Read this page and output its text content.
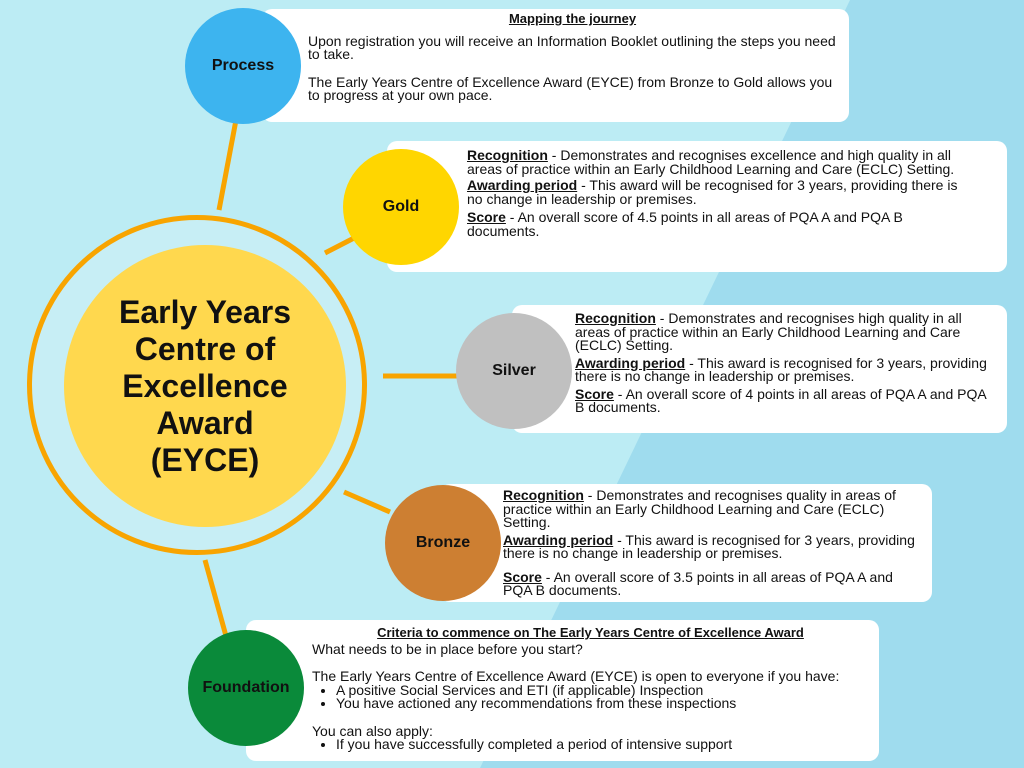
Early Years
Centre of
Excellence
Award
(EYCE)

Mapping the journey

Upon registration you will receive an Information Booklet outlining the steps you need to take.

The Early Years Centre of Excellence Award (EYCE) from Bronze to Gold allows you to progress at your own pace.

Process

Recognition - Demonstrates and recognises excellence and high quality in all areas of practice within an Early Childhood Learning and Care (ECLC) Setting.

Awarding period - This award will be recognised for 3 years, providing there is no change in leadership or premises.

Score - An overall score of 4.5 points in all areas of PQA A and PQA B documents.

Gold

Recognition - Demonstrates and recognises high quality in all areas of practice within an Early Childhood Learning and Care (ECLC) Setting.

Awarding period - This award is recognised for 3 years, providing there is no change in leadership or premises.

Score - An overall score of 4 points in all areas of PQA A and PQA B documents.

Silver

Recognition - Demonstrates and recognises quality in areas of practice within an Early Childhood Learning and Care (ECLC) Setting.

Awarding period - This award is recognised for 3 years, providing there is no change in leadership or premises.

Score - An overall score of 3.5 points in all areas of PQA A and PQA B documents.

Bronze

Criteria to commence on The Early Years Centre of Excellence Award

What needs to be in place before you start?

The Early Years Centre of Excellence Award (EYCE) is open to everyone if you have:

• A positive Social Services and ETI (if applicable) Inspection
• You have actioned any recommendations from these inspections

You can also apply:

• If you have successfully completed a period of intensive support
Foundation
